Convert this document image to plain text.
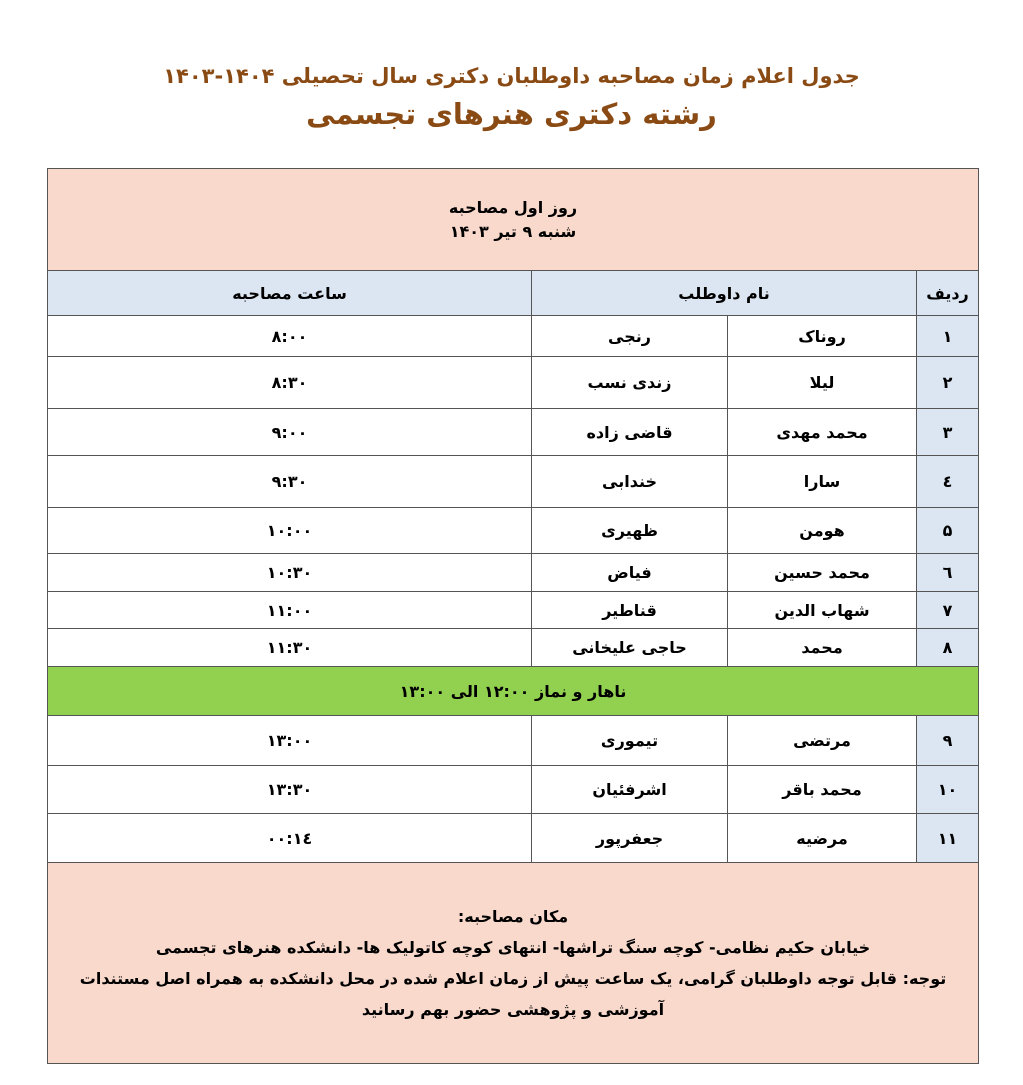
جدول اعلام زمان مصاحبه داوطلبان دکتری سال تحصیلی ۱۴۰۴-۱۴۰۳
رشته دکتری هنرهای تجسمی
روز اول مصاحبه
شنبه ۹ تیر ۱۴۰۳			

ردیف	نام داوطلب		ساعت مصاحبه
۱	روناک	رنجی	۸:۰۰
۲	لیلا	زندی نسب	۸:۳۰
۳	محمد مهدی	قاضی زاده	۹:۰۰
٤	سارا	خندابی	۹:۳۰
۵	هومن	ظهیری	۱۰:۰۰
٦	محمد حسین	فیاض	۱۰:۳۰
۷	شهاب الدین	قناطیر	۱۱:۰۰
۸	محمد	حاجی علیخانی	۱۱:۳۰
ناهار و نماز ۱۲:۰۰ الی ۱۳:۰۰			
۹	مرتضی	تیموری	۱۳:۰۰
۱۰	محمد باقر	اشرفئیان	۱۳:۳۰
۱۱	مرضیه	جعفرپور	۱٤:۰۰

مکان مصاحبه:
خیابان حکیم نظامی- کوچه سنگ تراشها- انتهای کوچه کاتولیک ها- دانشکده هنرهای تجسمی
توجه: قابل توجه داوطلبان گرامی، یک ساعت پیش از زمان اعلام شده در محل دانشکده به همراه اصل مستندات آموزشی و پژوهشی حضور بهم رسانید			
